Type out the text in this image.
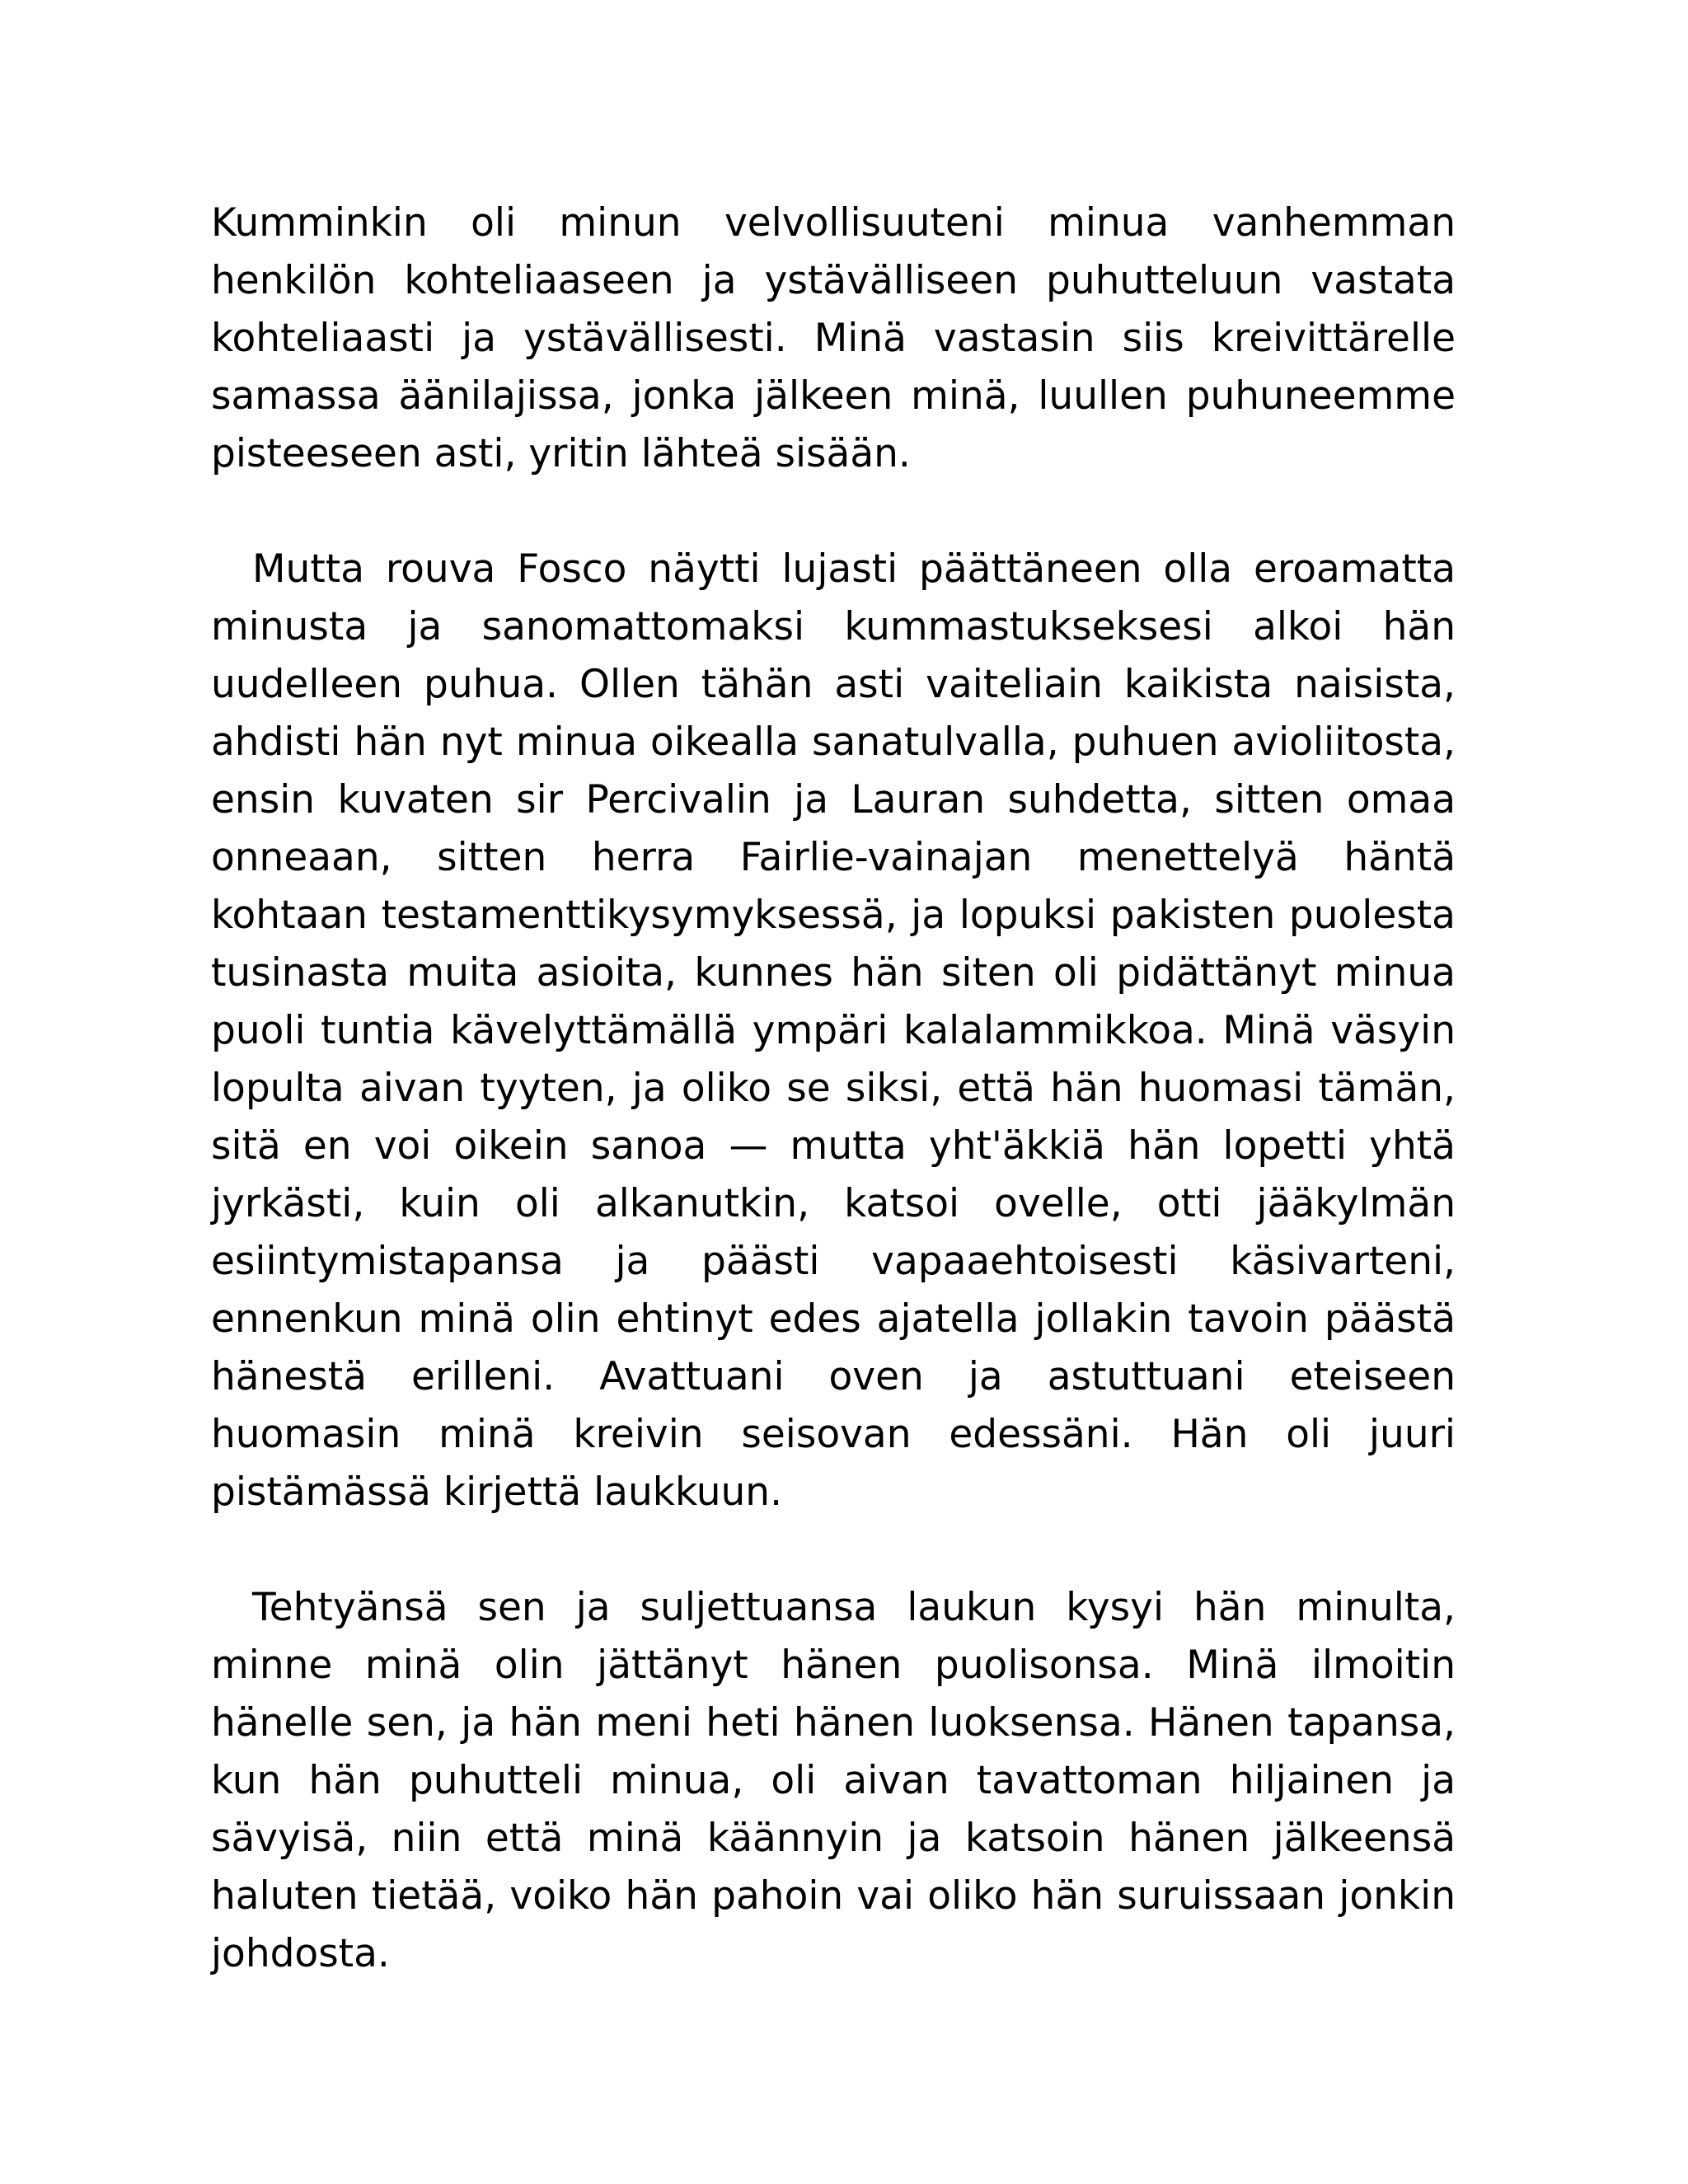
Kumminkin oli minun velvollisuuteni minua vanhemman henkilön kohteliaaseen ja ystävälliseen puhutteluun vastata kohteliaasti ja ystävällisesti. Minä vastasin siis kreivittärelle samassa äänilajissa, jonka jälkeen minä, luullen puhuneemme pisteeseen asti, yritin lähteä sisään.

Mutta rouva Fosco näytti lujasti päättäneen olla eroamatta minusta ja sanomattomaksi kummastukseksesi alkoi hän uudelleen puhua. Ollen tähän asti vaiteliain kaikista naisista, ahdisti hän nyt minua oikealla sanatulvalla, puhuen avioliitosta, ensin kuvaten sir Percivalin ja Lauran suhdetta, sitten omaa onneaan, sitten herra Fairlie-vainajan menettelyä häntä kohtaan testamenttikysymyksessä, ja lopuksi pakisten puolesta tusinasta muita asioita, kunnes hän siten oli pidättänyt minua puoli tuntia kävelyttämällä ympäri kalalammikkoa. Minä väsyin lopulta aivan tyyten, ja oliko se siksi, että hän huomasi tämän, sitä en voi oikein sanoa — mutta yht'äkkiä hän lopetti yhtä jyrkästi, kuin oli alkanutkin, katsoi ovelle, otti jääkylmän esiintymistapansa ja päästi vapaaehtoisesti käsivarteni, ennenkun minä olin ehtinyt edes ajatella jollakin tavoin päästä hänestä erilleni. Avattuani oven ja astuttuani eteiseen huomasin minä kreivin seisovan edessäni. Hän oli juuri pistämässä kirjettä laukkuun.

Tehtyänsä sen ja suljettuansa laukun kysyi hän minulta, minne minä olin jättänyt hänen puolisonsa. Minä ilmoitin hänelle sen, ja hän meni heti hänen luoksensa. Hänen tapansa, kun hän puhutteli minua, oli aivan tavattoman hiljainen ja sävyisä, niin että minä käännyin ja katsoin hänen jälkeensä haluten tietää, voiko hän pahoin vai oliko hän suruissaan jonkin johdosta.
